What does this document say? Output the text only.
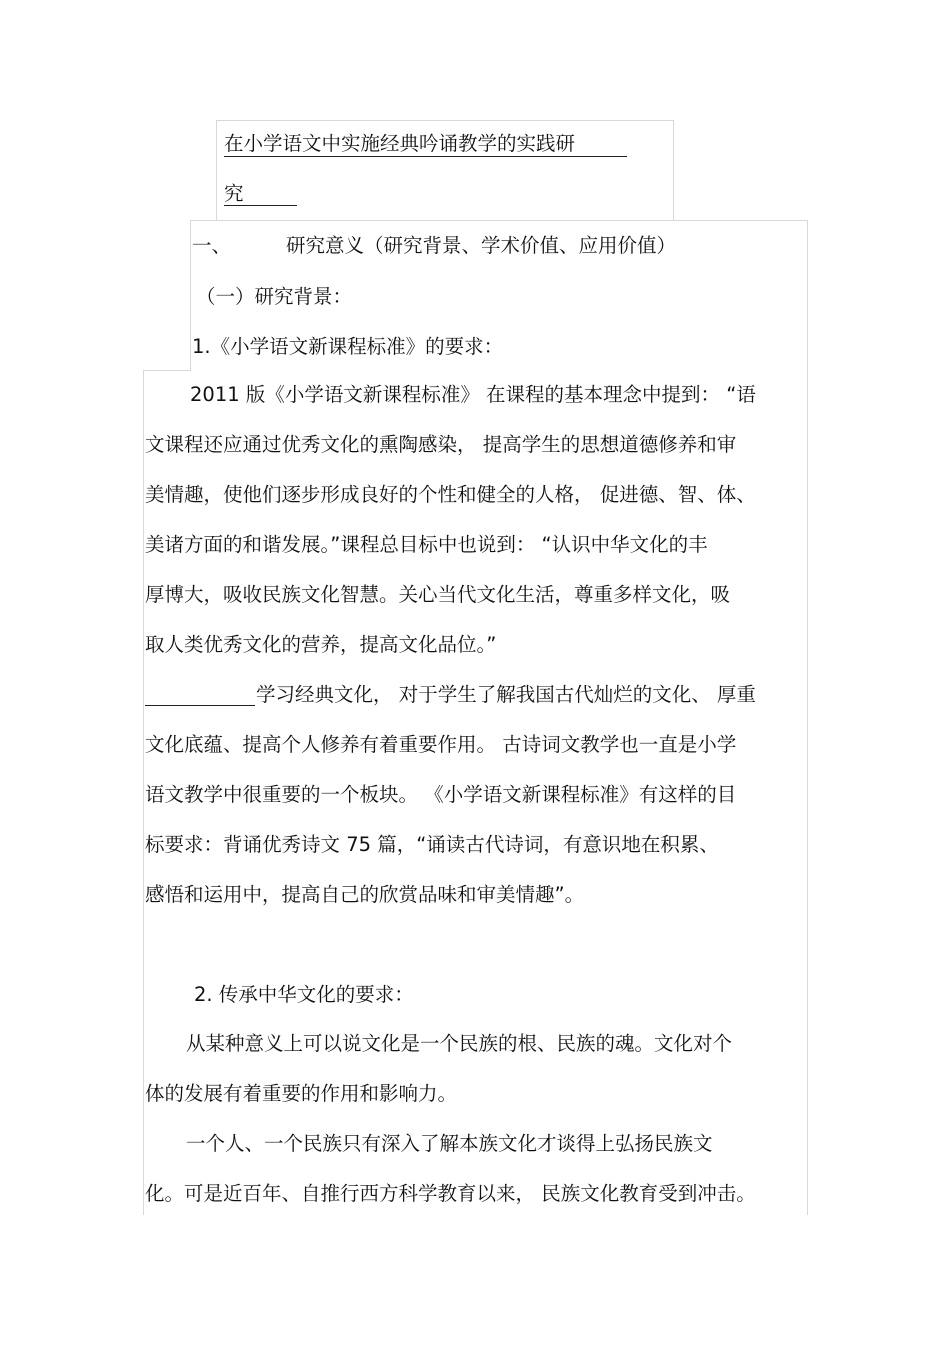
在小学语文中实施经典吟诵教学的实践研
究
一、	研究意义（研究背景、学术价值、应用价值）
（一）研究背景：
1.《小学语文新课程标准》的要求：
2011 版《小学语文新课程标准》 在课程的基本理念中提到： “语
文课程还应通过优秀文化的熏陶感染， 提高学生的思想道德修养和审
美情趣，使他们逐步形成良好的个性和健全的人格， 促进德、智、体、
美诸方面的和谐发展。”课程总目标中也说到： “认识中华文化的丰
厚博大，吸收民族文化智慧。关心当代文化生活，尊重多样文化，吸
取人类优秀文化的营养，提高文化品位。”
学习经典文化， 对于学生了解我国古代灿烂的文化、 厚重
文化底蕴、提高个人修养有着重要作用。 古诗词文教学也一直是小学
语文教学中很重要的一个板块。 《小学语文新课程标准》有这样的目
标要求：背诵优秀诗文 75 篇，“诵读古代诗词，有意识地在积累、
感悟和运用中，提高自己的欣赏品味和审美情趣”。
2. 传承中华文化的要求：
从某种意义上可以说文化是一个民族的根、民族的魂。文化对个
体的发展有着重要的作用和影响力。
一个人、一个民族只有深入了解本族文化才谈得上弘扬民族文
化。可是近百年、自推行西方科学教育以来， 民族文化教育受到冲击。
